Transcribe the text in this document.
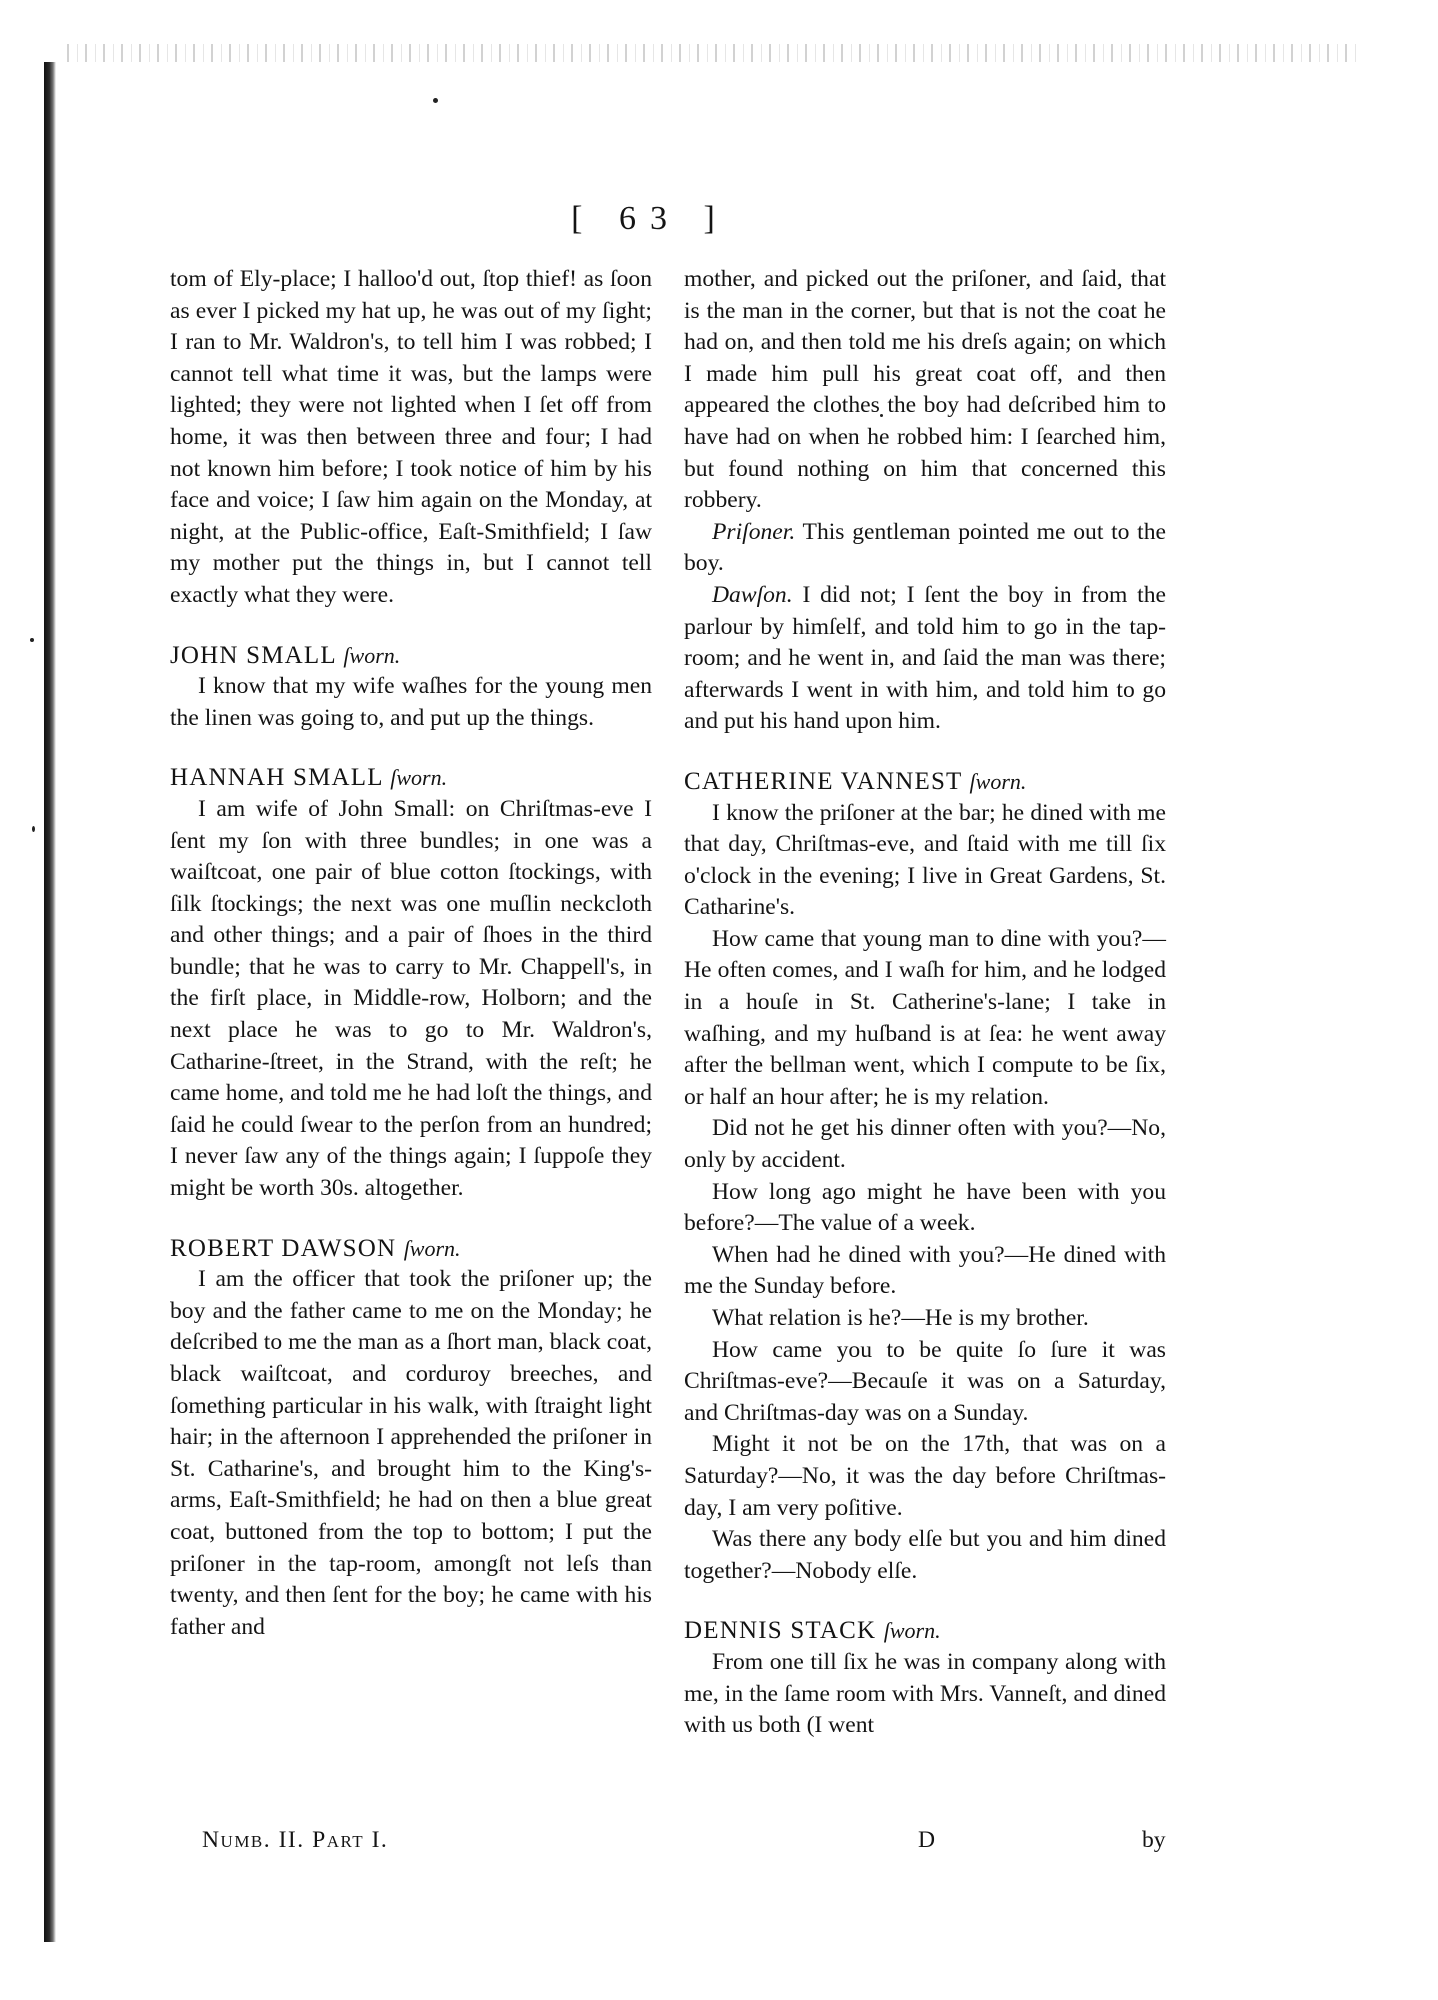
[ 63 ]

tom of Ely-place; I halloo'd out, ſtop thief! as ſoon as ever I picked my hat up, he was out of my ſight; I ran to Mr. Waldron's, to tell him I was robbed; I cannot tell what time it was, but the lamps were lighted; they were not lighted when I ſet off from home, it was then between three and four; I had not known him before; I took notice of him by his face and voice; I ſaw him again on the Monday, at night, at the Public-office, Eaſt-Smithfield; I ſaw my mother put the things in, but I cannot tell exactly what they were.

JOHN SMALL ſworn.

I know that my wife waſhes for the young men the linen was going to, and put up the things.

HANNAH SMALL ſworn.

I am wife of John Small: on Chriſtmas-eve I ſent my ſon with three bundles; in one was a waiſtcoat, one pair of blue cotton ſtockings, with ſilk ſtockings; the next was one muſlin neckcloth and other things; and a pair of ſhoes in the third bundle; that he was to carry to Mr. Chappell's, in the firſt place, in Middle-row, Holborn; and the next place he was to go to Mr. Waldron's, Catharine-ſtreet, in the Strand, with the reſt; he came home, and told me he had loſt the things, and ſaid he could ſwear to the perſon from an hundred; I never ſaw any of the things again; I ſuppoſe they might be worth 30s. altogether.

ROBERT DAWSON ſworn.

I am the officer that took the priſoner up; the boy and the father came to me on the Monday; he deſcribed to me the man as a ſhort man, black coat, black waiſtcoat, and corduroy breeches, and ſomething particular in his walk, with ſtraight light hair; in the afternoon I apprehended the priſoner in St. Catharine's, and brought him to the King's-arms, Eaſt-Smithfield; he had on then a blue great coat, buttoned from the top to bottom; I put the priſoner in the tap-room, amongſt not leſs than twenty, and then ſent for the boy; he came with his father and

mother, and picked out the priſoner, and ſaid, that is the man in the corner, but that is not the coat he had on, and then told me his dreſs again; on which I made him pull his great coat off, and then appeared the clothes the boy had deſcribed him to have had on when he robbed him: I ſearched him, but found nothing on him that concerned this robbery.

Priſoner. This gentleman pointed me out to the boy.

Dawſon. I did not; I ſent the boy in from the parlour by himſelf, and told him to go in the tap-room; and he went in, and ſaid the man was there; afterwards I went in with him, and told him to go and put his hand upon him.

CATHERINE VANNEST ſworn.

I know the priſoner at the bar; he dined with me that day, Chriſtmas-eve, and ſtaid with me till ſix o'clock in the evening; I live in Great Gardens, St. Catharine's.

How came that young man to dine with you?—He often comes, and I waſh for him, and he lodged in a houſe in St. Catherine's-lane; I take in waſhing, and my huſband is at ſea: he went away after the bellman went, which I compute to be ſix, or half an hour after; he is my relation.

Did not he get his dinner often with you?—No, only by accident.

How long ago might he have been with you before?—The value of a week.

When had he dined with you?—He dined with me the Sunday before.

What relation is he?—He is my brother.

How came you to be quite ſo ſure it was Chriſtmas-eve?—Becauſe it was on a Saturday, and Chriſtmas-day was on a Sunday.

Might it not be on the 17th, that was on a Saturday?—No, it was the day before Chriſtmas-day, I am very poſitive.

Was there any body elſe but you and him dined together?—Nobody elſe.

DENNIS STACK ſworn.

From one till ſix he was in company along with me, in the ſame room with Mrs. Vanneſt, and dined with us both (I went

Numb. II. Part I.	D	by
